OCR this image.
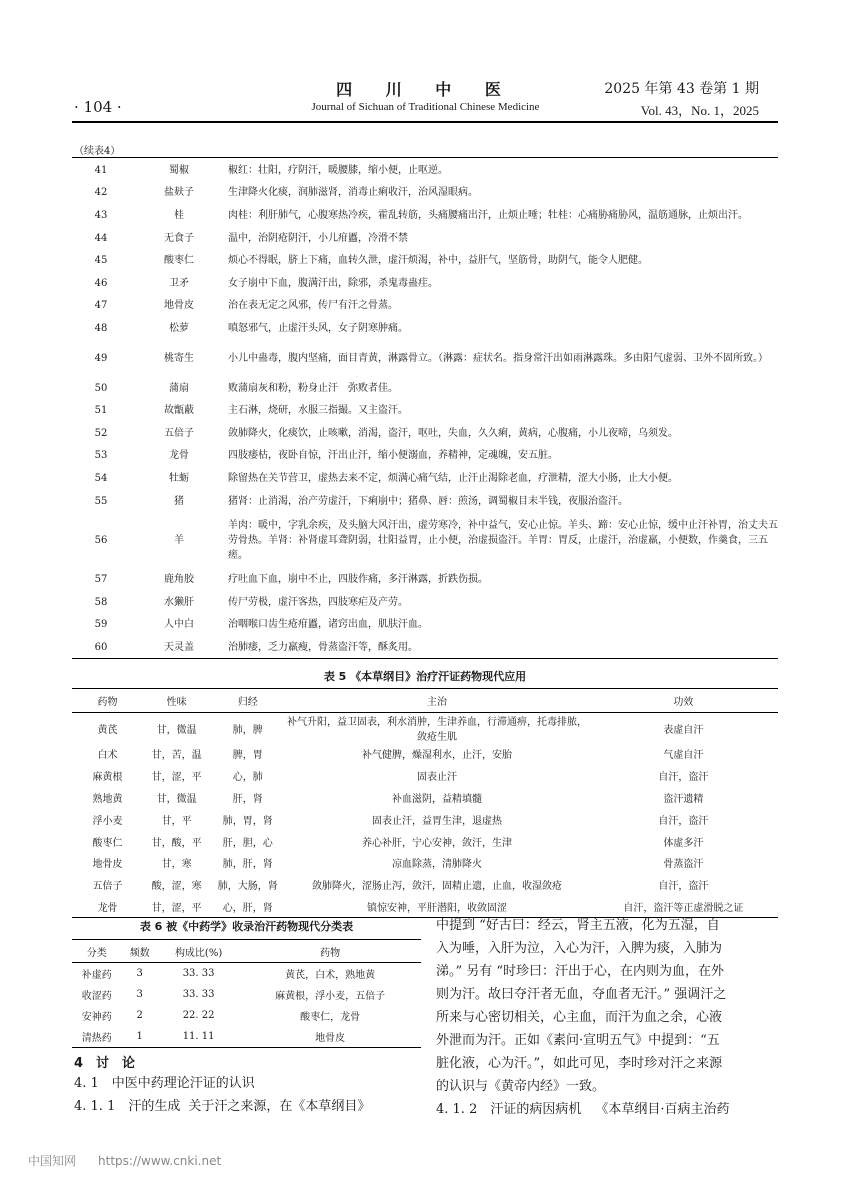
· 104 ·
四 川 中 医
Journal of Sichuan of Traditional Chinese Medicine
2025 年第 43 卷第 1 期
Vol. 43，No. 1，2025
（续表4）
41	蜀椒	椒红：壮阳，疗阴汗，暖腰膝，缩小便，止呕逆。
42	盐麸子	生津降火化痰，润肺滋肾，消毒止痢收汗，治风湿眼病。
43	桂	肉桂：利肝肺气，心腹寒热冷疾，霍乱转筋，头痛腰痛出汗，止烦止唾；牡桂：心痛胁痛胁风，温筋通脉，止烦出汗。
44	无食子	温中，治阴疮阴汗，小儿疳䘌，冷滑不禁
45	酸枣仁	烦心不得眠，脐上下痛，血转久泄，虚汗烦渴，补中，益肝气，坚筋骨，助阴气，能令人肥健。
46	卫矛	女子崩中下血，腹满汗出，除邪，杀鬼毒蛊疰。
47	地骨皮	治在表无定之风邪，传尸有汗之骨蒸。
48	松萝	嗔怒邪气，止虚汗头风，女子阴寒肿痛。
49	桃寄生	小儿中蛊毒，腹内坚痛，面目青黄，淋露骨立。（淋露：症状名。指身常汗出如雨淋露珠。多由阳气虚弱、卫外不固所致。）
50	蒲扇	败蒲扇灰和粉，粉身止汗　弥败者佳。
51	故甑蔽	主石淋，烧研，水服三指撮。又主盗汗。
52	五倍子	敛肺降火，化痰饮，止咳嗽，消渴，盗汗，呕吐，失血，久久痢，黄病，心腹痛，小儿夜啼，乌须发。
53	龙骨	四肢痿枯，夜卧自惊，汗出止汗，缩小便溺血，养精神，定魂魄，安五脏。
54	牡蛎	除留热在关节营卫，虚热去来不定，烦满心痛气结，止汗止渴除老血，疗泄精，涩大小肠，止大小便。
55	猪	猪肾：止消渴，治产劳虚汗，下痢崩中；猪鼻、唇：煎汤，调蜀椒目末半钱，夜服治盗汗。
56	羊	羊肉：暖中，字乳余疾，及头脑大风汗出，虚劳寒冷，补中益气，安心止惊。羊头、蹄：安心止惊，缓中止汗补胃，治丈夫五劳骨热。羊肾：补肾虚耳聋阴弱，壮阳益胃，止小便，治虚损盗汗。羊胃：胃反，止虚汗，治虚羸，小便数，作羹食，三五瘥。
57	鹿角胶	疗吐血下血，崩中不止，四肢作痛，多汗淋露，折跌伤损。
58	水獭肝	传尸劳极，虚汗客热，四肢寒疟及产劳。
59	人中白	治咽喉口齿生疮疳䘌，诸窍出血，肌肤汗血。
60	天灵盖	治肺痿，乏力羸瘦，骨蒸盗汗等，酥炙用。
表 5 《本草纲目》治疗汗证药物现代应用
药物	性味	归经	主治	功效
黄芪	甘，微温	肺，脾	补气升阳，益卫固表，利水消肿，生津养血，行滞通痹，托毒排脓，敛疮生肌	表虚自汗
白术	甘，苦，温	脾，胃	补气健脾，燥湿利水，止汗，安胎	气虚自汗
麻黄根	甘，涩，平	心，肺	固表止汗	自汗，盗汗
熟地黄	甘，微温	肝，肾	补血滋阴，益精填髓	盗汗遗精
浮小麦	甘，平	肺，胃，肾	固表止汗，益胃生津，退虚热	自汗，盗汗
酸枣仁	甘，酸，平	肝，胆，心	养心补肝，宁心安神，敛汗，生津	体虚多汗
地骨皮	甘，寒	肺，肝，肾	凉血除蒸，清肺降火	骨蒸盗汗
五倍子	酸，涩，寒	肺，大肠，肾	敛肺降火，涩肠止泻，敛汗，固精止遗，止血，收湿敛疮	自汗，盗汗
龙骨	甘，涩，平	心，肝，肾	镇惊安神，平肝潜阳，收敛固涩	自汗，盗汗等正虚滑脱之证
表 6 被《中药学》收录治汗药物现代分类表
分类	频数	构成比(%)	药物
补虚药	3	33. 33	黄芪，白术，熟地黄
收涩药	3	33. 33	麻黄根，浮小麦，五倍子
安神药	2	22. 22	酸枣仁，龙骨
清热药	1	11. 11	地骨皮
4　讨　论
4. 1　中医中药理论汗证的认识
4. 1. 1　汗的生成 关于汗之来源，在《本草纲目》
中提到 “好古曰：经云，肾主五液，化为五湿，自
入为唾，入肝为泣，入心为汗，入脾为痰，入肺为
涕。” 另有 “时珍曰：汗出于心，在内则为血，在外
则为汗。故曰夺汗者无血，夺血者无汗。” 强调汗之
所来与心密切相关，心主血，而汗为血之余，心液
外泄而为汗。正如《素问·宣明五气》中提到：“五
脏化液，心为汗。”，如此可见，李时珍对汗之来源
的认识与《黄帝内经》一致。
4. 1. 2　汗证的病因病机 《本草纲目·百病主治药
中国知网 https://www.cnki.net
